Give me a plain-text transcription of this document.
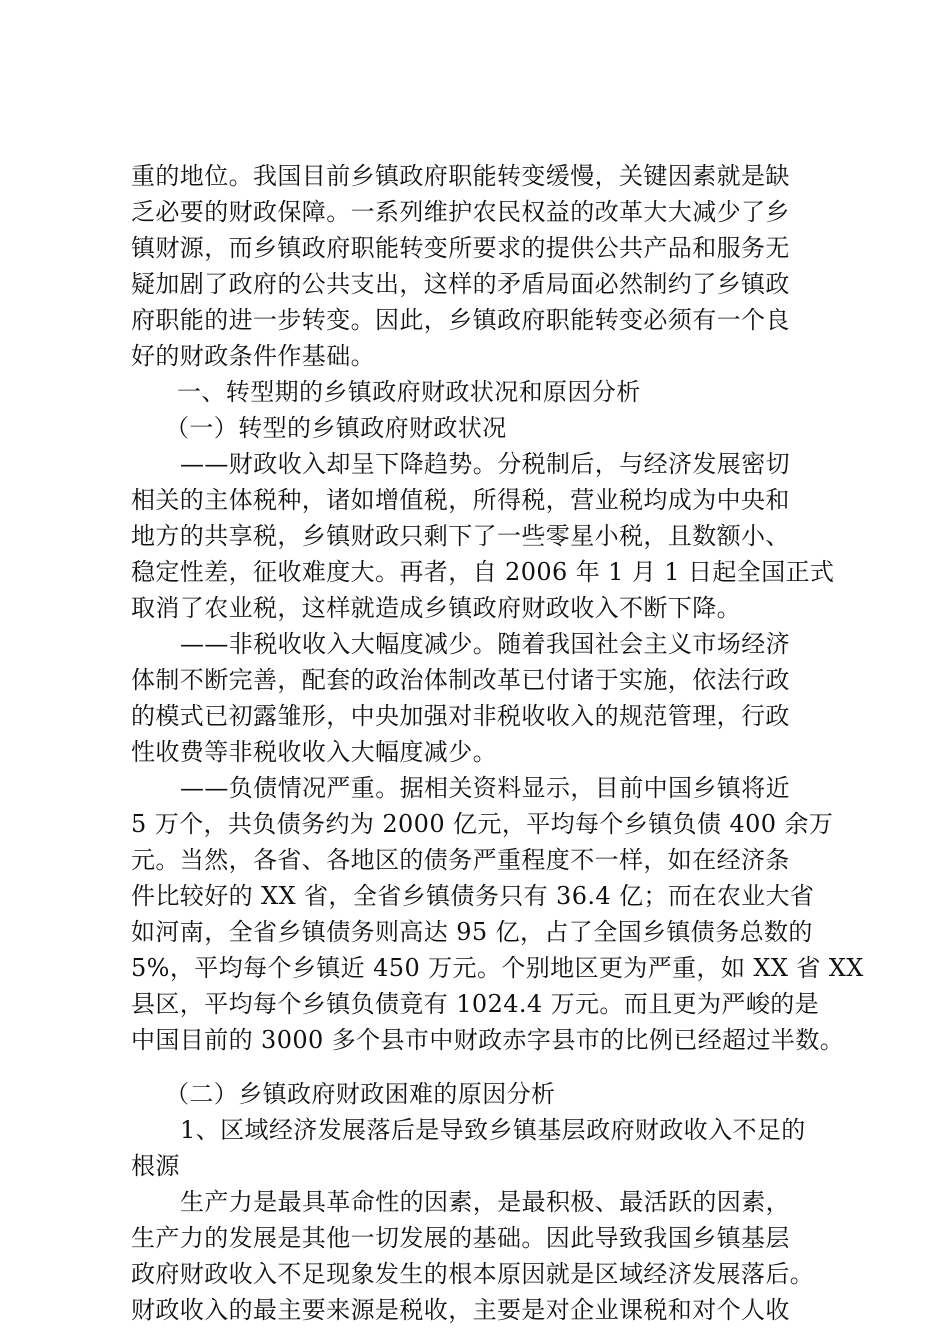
重的地位。我国目前乡镇政府职能转变缓慢，关键因素就是缺
乏必要的财政保障。一系列维护农民权益的改革大大减少了乡
镇财源，而乡镇政府职能转变所要求的提供公共产品和服务无
疑加剧了政府的公共支出，这样的矛盾局面必然制约了乡镇政
府职能的进一步转变。因此，乡镇政府职能转变必须有一个良
好的财政条件作基础。
一、转型期的乡镇政府财政状况和原因分析
（一）转型的乡镇政府财政状况
——财政收入却呈下降趋势。分税制后，与经济发展密切
相关的主体税种，诸如增值税，所得税，营业税均成为中央和
地方的共享税，乡镇财政只剩下了一些零星小税，且数额小、
稳定性差，征收难度大。再者，自 2006 年 1 月 1 日起全国正式
取消了农业税，这样就造成乡镇政府财政收入不断下降。
——非税收收入大幅度减少。随着我国社会主义市场经济
体制不断完善，配套的政治体制改革已付诸于实施，依法行政
的模式已初露雏形，中央加强对非税收收入的规范管理，行政
性收费等非税收收入大幅度减少。
——负债情况严重。据相关资料显示，目前中国乡镇将近
5 万个，共负债务约为 2000 亿元，平均每个乡镇负债 400 余万
元。当然，各省、各地区的债务严重程度不一样，如在经济条
件比较好的 XX 省，全省乡镇债务只有 36.4 亿；而在农业大省
如河南，全省乡镇债务则高达 95 亿，占了全国乡镇债务总数的
5%，平均每个乡镇近 450 万元。个别地区更为严重，如 XX 省 XX
县区，平均每个乡镇负债竟有 1024.4 万元。而且更为严峻的是
中国目前的 3000 多个县市中财政赤字县市的比例已经超过半数。
（二）乡镇政府财政困难的原因分析
1、区域经济发展落后是导致乡镇基层政府财政收入不足的
根源
生产力是最具革命性的因素，是最积极、最活跃的因素，
生产力的发展是其他一切发展的基础。因此导致我国乡镇基层
政府财政收入不足现象发生的根本原因就是区域经济发展落后。
财政收入的最主要来源是税收，主要是对企业课税和对个人收
